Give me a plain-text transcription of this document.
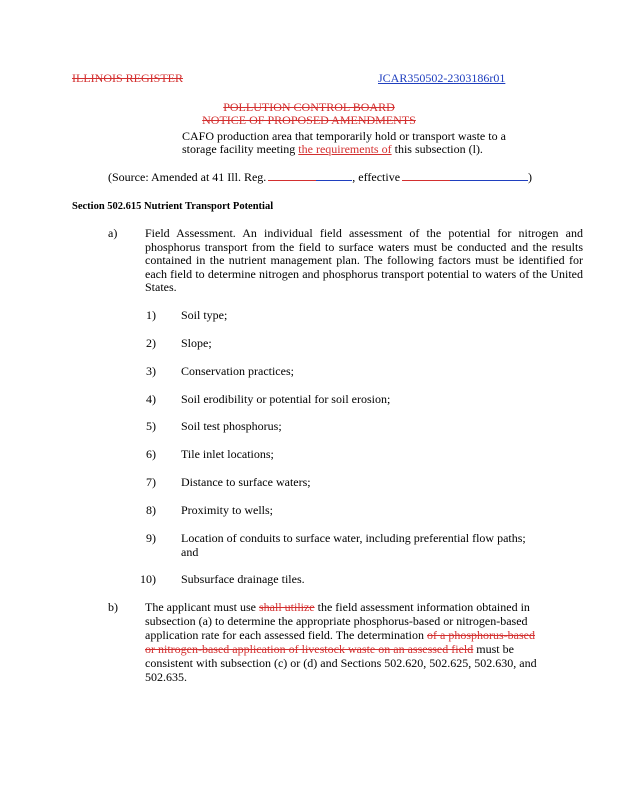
ILLINOIS REGISTER	JCAR350502-2303186r01
POLLUTION CONTROL BOARD
NOTICE OF PROPOSED AMENDMENTS
CAFO production area that temporarily hold or transport waste to a
storage facility meeting the requirements of this subsection (l).
(Source: Amended at 41 Ill. Reg.	, effective	)
Section 502.615 Nutrient Transport Potential
a) Field Assessment. An individual field assessment of the potential for nitrogen and phosphorus transport from the field to surface waters must be conducted and the results contained in the nutrient management plan. The following factors must be identified for each field to determine nitrogen and phosphorus transport potential to waters of the United States.
1) Soil type;
2) Slope;
3) Conservation practices;
4) Soil erodibility or potential for soil erosion;
5) Soil test phosphorus;
6) Tile inlet locations;
7) Distance to surface waters;
8) Proximity to wells;
9) Location of conduits to surface water, including preferential flow paths;
and
10) Subsurface drainage tiles.
b) The applicant must use shall utilize the field assessment information obtained in
subsection (a) to determine the appropriate phosphorus-based or nitrogen-based
application rate for each assessed field. The determination of a phosphorus-based
or nitrogen-based application of livestock waste on an assessed field must be
consistent with subsection (c) or (d) and Sections 502.620, 502.625, 502.630, and
502.635.
